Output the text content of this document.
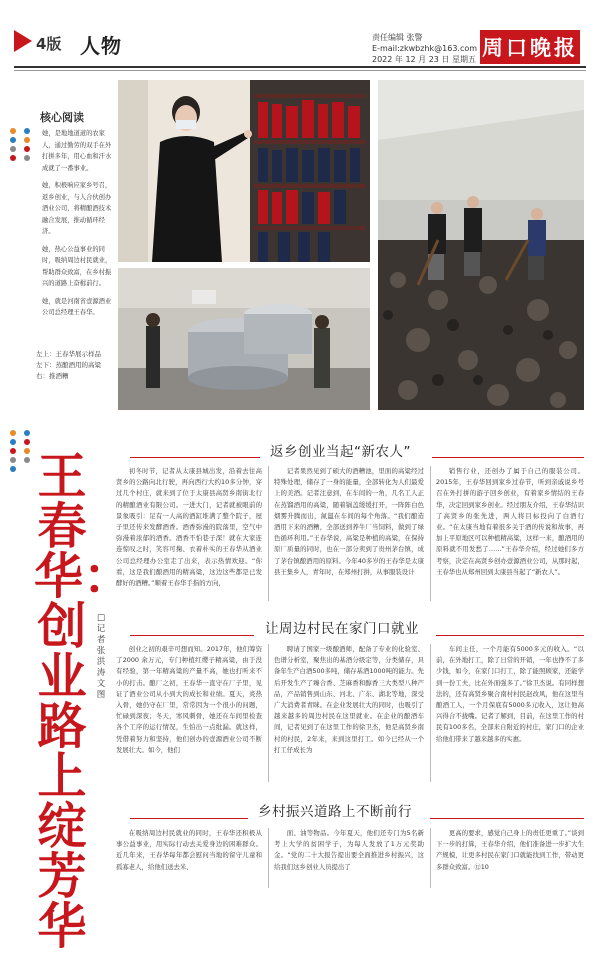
4版 人物	责任编辑 张警
E-mail:zkwbzhk@163.com
2022 年 12 月 23 日 星期五 周口晚报
核心阅读

她，是地地道道的农家人，通过勤劳的双手在外打拼多年，用心血和汗水成就了一番事业。

她，积极响应家乡号召，返乡创业，与人合伙创办酒业公司，将精酿酒技术融合发展，推动循环经济。

她，热心公益事业的同时，吸纳周边村民就业，帮助群众致富，在乡村振兴的道路上奋楫前行。

她，就是河南省壹源酒业公司总经理王春华。

左上：王春华展示样品
左下：蒸酿酒用的高粱
右：推酒糟
王春华：创业路上绽芳华
□记者 张洪涛 文图
返乡创业当起“新农人”

初冬时节，记者从太康县城出发，沿着去往高贤乡的公路向北行驶，再向西行大约10多分钟，穿过几个村庄，就来到了位于太康县高贤乡南街北行的精酿酒业有限公司。一进大门，记者就被眼前的景象吸引：足有一人高的酒缸堆满了整个院子，屋子里还传来发酵酒香。酒香弥漫的院落里，空气中弥漫着浓郁的酒香。酒香不怕巷子深！就在大家连连惊叹之时，笑容可掬、衣着朴实的王春华从酒业公司总经理办公室走了出来，表示热情欢迎。“你看，这是我们酿酒用的精高粱，这边这些都是已发酵好的酒糟。”顺着王春华手指的方向，

记者果然见到了硕大的酒糟池，里面的高粱经过特殊处理，储存了一身的能量，全部转化为人们最爱上的美酒。记者注意到，在车间的一角，几名工人正在蒸馏酒用的高粱，随着锅盖缓缓打开，一阵阵白色烟雾升腾而出，氤氲在车间的每个角落。“我们酿造酒用下来的酒糟，全部送到养牛厂当饲料，做到了绿色循环利用。”王春华说，高粱是种植的高粱，在保持原厂质量的同时，也在一部分卖到了贵州茅台镇，成了茅台镇酿酒用的原料。今年40多岁的王春华是太康县王集乡人，青年时，在郑州打拼，从事服装设计

销售行业，还创办了属于自己的服装公司。2015年，王春华回到家乡过春节，听到亲戚说乡号召在外打拼的游子回乡创业，有着家乡情结的王春华，决定回到家乡创业。经过朋友介绍，王春华结识了高贤乡的张先进，两人将目标投向了白酒行业。“在太康当地有着很多关于酒的传说和故事，再加上平原地区可以种植精高粱，这样一来，酿酒用的原料就不用发愁了……”王春华介绍，经过她们多方考察，决定在高贤乡创办壹源酒业公司，从那时起，王春华也从郑州回到太康县当起了“新农人”。

让周边村民在家门口就业

创业之初的艰辛可想而知。2017年，他们筹资了2000 余万元，专门种植红缨子精高粱，由于没有经验，第一年精高粱的产量不高，她也打听来不小的打击。酿厂之初，王春华一直守在厂子里，见证了酒业公司从小到大的成长和业绩。夏天，炎热入骨，她仍守在厂里，常常因为一个很小的问题，忙碌到深夜；冬天，寒风刺骨，她还在车间里检查各个工序的运行情况，生怕出一点纰漏。就这样，凭借着努力和坚持，他们创办的壹源酒业公司不断发展壮大。如今，他们

聘请了国家一级酿酒师，配备了专业的化验室、色谱分析室，聚焦出的基酒分级定等，分类储存，具备年生产白酒500多吨，储存基酒1000吨的能力。先后开发生产了臻合香、芝麻香和醇香三大类型八种产品，产品销售到山东、河北、广东、湖北等地，深受广大消费者青睐。在企业发展壮大的同时，也吸引了越来越多的周边村民在这里就业。在企业的酿酒车间，记者见到了在这里工作的徐卫杰，他是高贤乡南村的村民，2年来，来到这里打工。如今已经从一个打工仔成长为

车间主任，一个月能有5000多元的收入。“以前，在外地打工，除了日常的开销，一年也挣不了多少钱，如今，在家门口打工，除了能照顾家，还能学到一份工夫，比在外面强多了。”徐卫杰说。有同样想法的，还有高贤乡聚合南村村民赵改风，他在这里当酿酒工人，一个月保底有5000多元收入，这让他高兴得合不拢嘴。记者了解到，目前，在这里工作的村民有100多名，全部来自附近的村庄，家门口的企业给他们带来了越来越多的实惠。

乡村振兴道路上不断前行

在吸纳周边村民就业的同时，王春华还积极从事公益事业，用实际行动去关爱身边的困难群众。近几年来，王春华每年都会慰问当地的留守儿童和孤寡老人，给他们送去米、

面、油等物品。今年夏天，他们还专门为5名新考上大学的贫困学子，为每人发放了1万元奖助金。“党的二十大报告提出要全面推进乡村振兴，这给我们这乡创业人员提出了

更高的要求，感觉自己身上的责任更重了。”谈到下一步的打算，王春华介绍，他们准备进一步扩大生产规模，让更多村民在家门口就能找到工作，带动更多群众致富。⑫10
